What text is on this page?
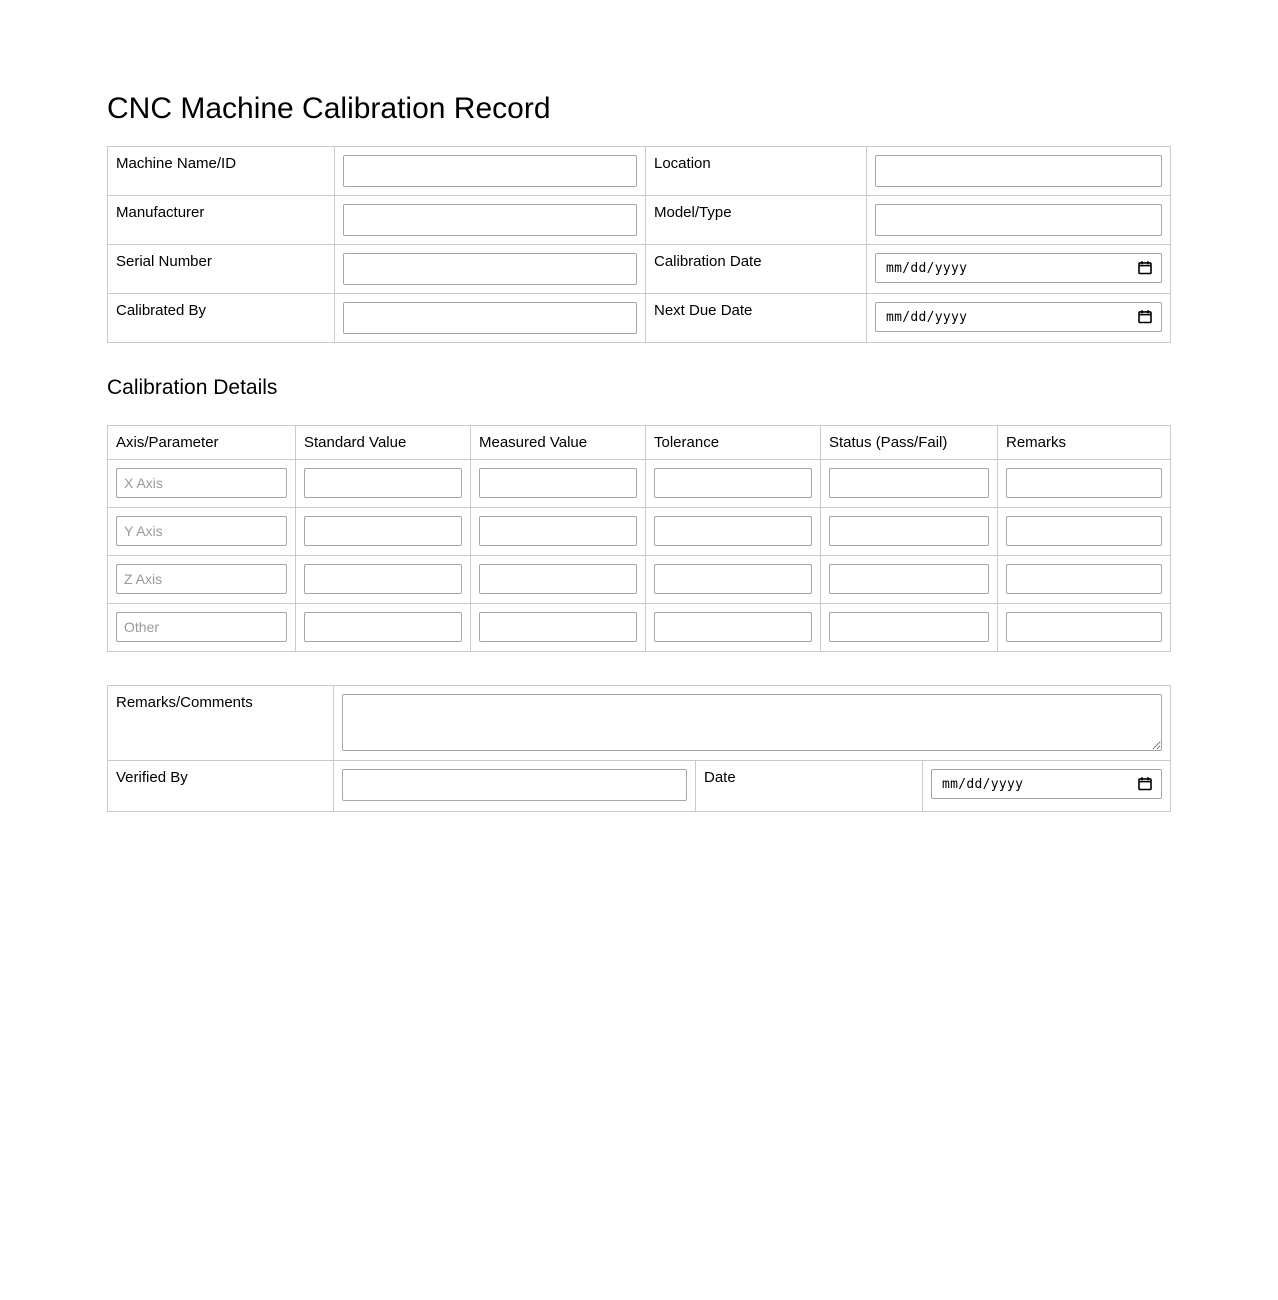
CNC Machine Calibration Record
Machine Name/ID		Location	

Manufacturer		Model/Type	

Serial Number		Calibration Date	mm/dd/yyyy

Calibrated By		Next Due Date	mm/dd/yyyy
Calibration Details
Axis/Parameter	Standard Value	Measured Value	Tolerance	Status (Pass/Fail)	Remarks

X Axis	

Y Axis	

Z Axis	

Other	

Remarks/Comments	

Verified By		Date	mm/dd/yyyy
